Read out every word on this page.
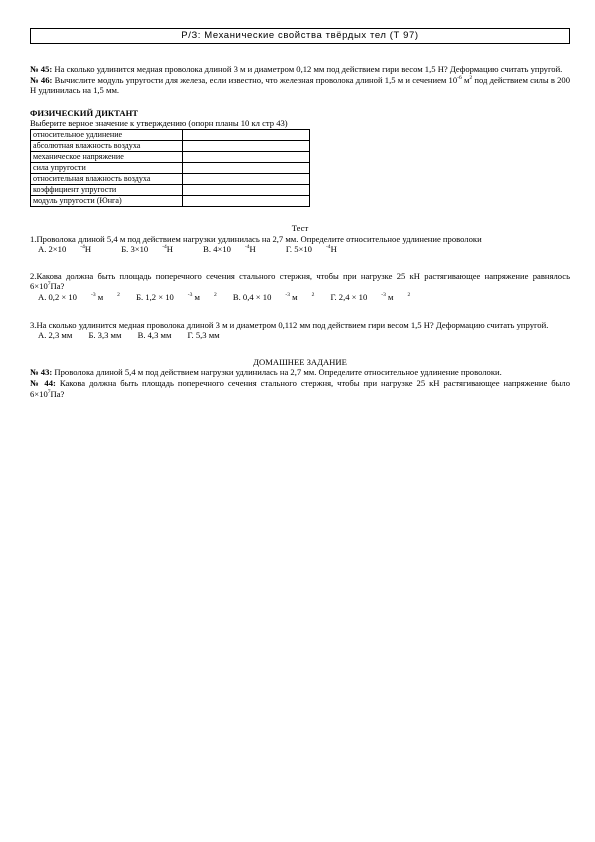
Р/З: Механические свойства твёрдых тел (Т 97)

№ 45: На сколько удлинится медная проволока длиной 3 м и диаметром 0,12 мм под действием гири весом 1,5 Н? Деформацию считать упругой.

№ 46: Вычислите модуль упругости для железа, если известно, что железная проволока длиной 1,5 м и сечением $10^{-6}$ $м^2$ под действием силы в 200 Н удлинилась на 1,5 мм.

ФИЗИЧЕСКИЙ ДИКТАНТ

Выберите верное значение к утверждению (опорн планы 10 кл стр 43)

относительное удлинение	
абсолютная влажность воздуха	
механическое напряжение	
сила упругости	
относительная влажность воздуха	
коэффициент упругости	
модуль упругости (Юнга)	

Тест

1.Проволока длиной 5,4 м под действием нагрузки удлинилась на 2,7 мм. Определите относительное удлинение проволоки

А. 2×10	$^{-4}$Н	Б. 3×10	$^{-4}$Н	В. 4×10	$^{-4}$Н	Г. 5×10	$^{-4}$Н

2.Какова должна быть площадь поперечного сечения стального стержня, чтобы при нагрузке 25 кН растягивающее напряжение равнялось $6\times 10^7Па$?

А. 0,2 × 10	$^{-3}$ м	$^2$ Б. 1,2 × 10	$^{-3}$ м	$^2$ В. 0,4 × 10	$^{-3}$ м	$^2$ Г. 2,4 × 10	$^{-3}$ м	$^2$

3.На сколько удлинится медная проволока длиной 3 м и диаметром 0,112 мм под действием гири весом 1,5 Н? Деформацию считать упругой.

А. 2,3 мм Б. 3,3 мм В. 4,3 мм Г. 5,3 мм

ДОМАШНЕЕ ЗАДАНИЕ

№ 43: Проволока длиной 5,4 м под действием нагрузки удлинилась на 2,7 мм. Определите относительное удлинение проволоки.

№ 44: Какова должна быть площадь поперечного сечения стального стержня, чтобы при нагрузке 25 кН растягивающее напряжение было $6\times 10^7Па$?
